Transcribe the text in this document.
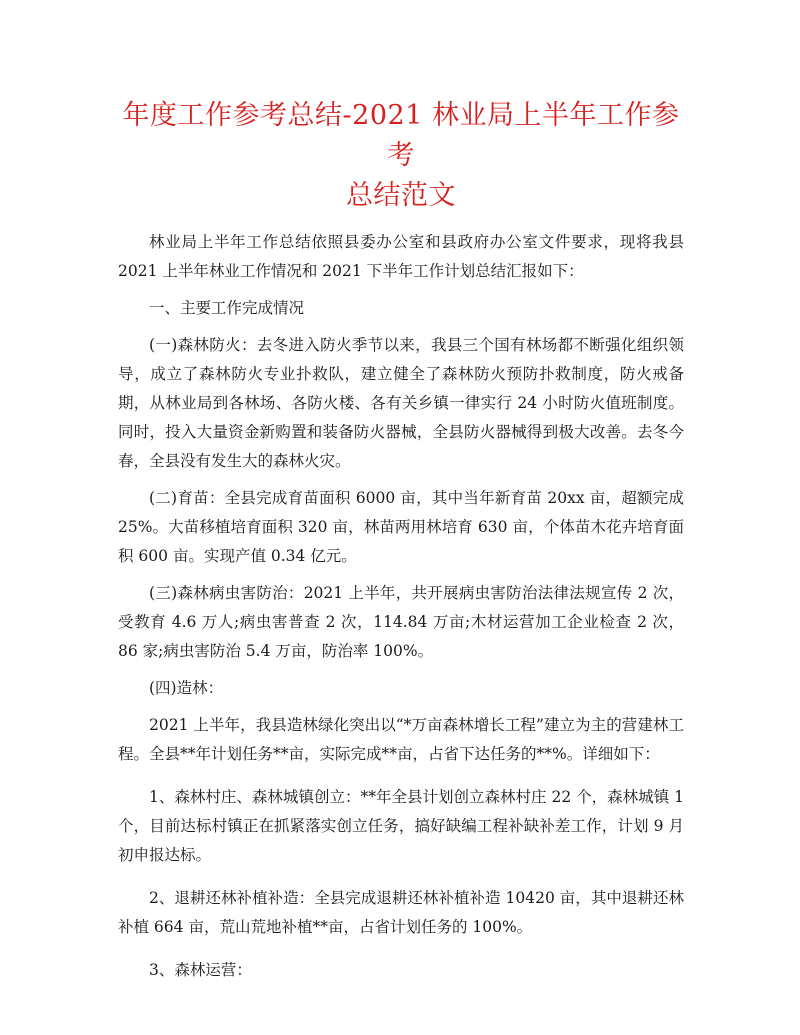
年度工作参考总结-2021 林业局上半年工作参考
总结范文

林业局上半年工作总结依照县委办公室和县政府办公室文件要求，现将我县 2021 上半年林业工作情况和 2021 下半年工作计划总结汇报如下：

一、主要工作完成情况

(一)森林防火：去冬进入防火季节以来，我县三个国有林场都不断强化组织领导，成立了森林防火专业扑救队，建立健全了森林防火预防扑救制度，防火戒备期，从林业局到各林场、各防火楼、各有关乡镇一律实行 24 小时防火值班制度。同时，投入大量资金新购置和装备防火器械，全县防火器械得到极大改善。去冬今春，全县没有发生大的森林火灾。

(二)育苗：全县完成育苗面积 6000 亩，其中当年新育苗 20xx 亩，超额完成 25%。大苗移植培育面积 320 亩，林苗两用林培育 630 亩，个体苗木花卉培育面积 600 亩。实现产值 0.34 亿元。

(三)森林病虫害防治：2021 上半年，共开展病虫害防治法律法规宣传 2 次，受教育 4.6 万人;病虫害普查 2 次，114.84 万亩;木材运营加工企业检查 2 次，86 家;病虫害防治 5.4 万亩，防治率 100%。

(四)造林：

2021 上半年，我县造林绿化突出以“*万亩森林增长工程”建立为主的营建林工程。全县**年计划任务**亩，实际完成**亩，占省下达任务的**%。详细如下：

1、森林村庄、森林城镇创立：**年全县计划创立森林村庄 22 个，森林城镇 1 个，目前达标村镇正在抓紧落实创立任务，搞好缺编工程补缺补差工作，计划 9 月初申报达标。

2、退耕还林补植补造：全县完成退耕还林补植补造 10420 亩，其中退耕还林补植 664 亩，荒山荒地补植**亩，占省计划任务的 100%。

3、森林运营：
